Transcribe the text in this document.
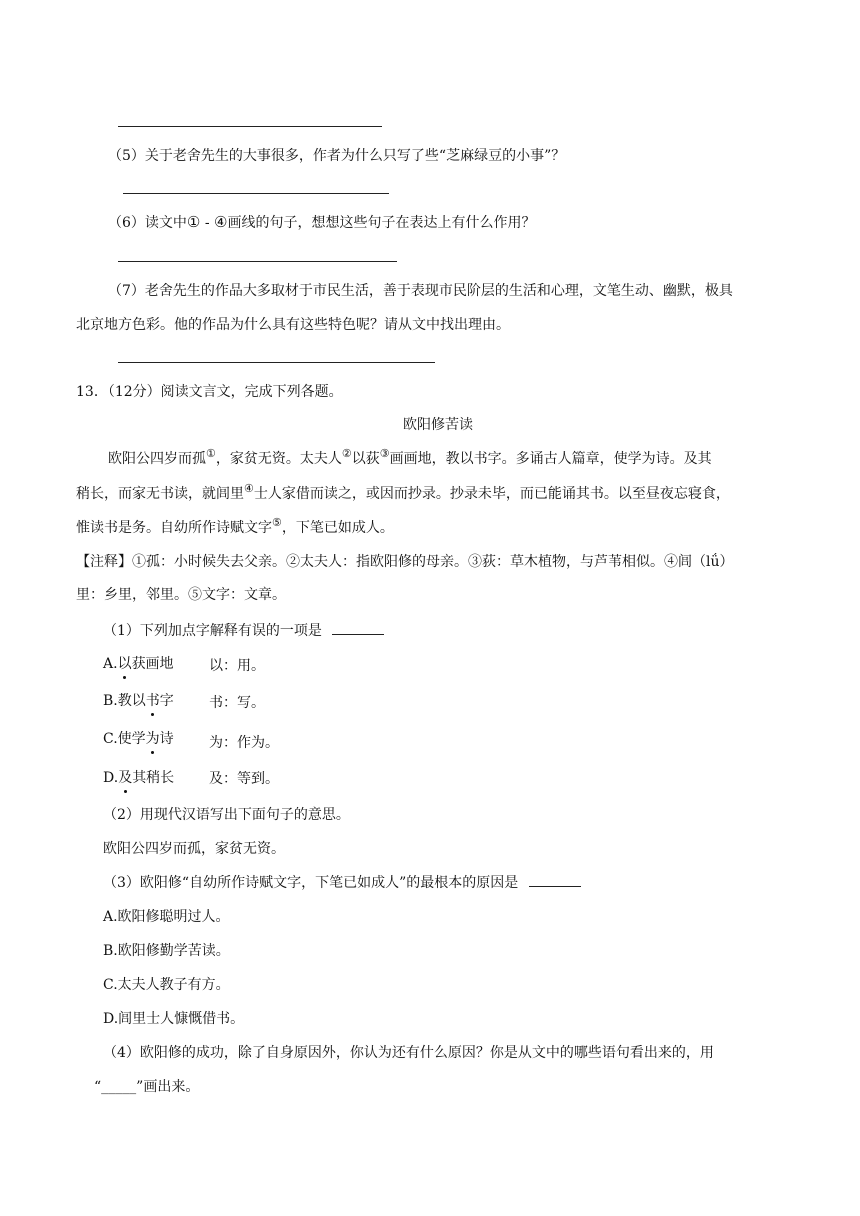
（5）关于老舍先生的大事很多，作者为什么只写了些“芝麻绿豆的小事”？
（6）读文中① - ④画线的句子，想想这些句子在表达上有什么作用？
（7）老舍先生的作品大多取材于市民生活，善于表现市民阶层的生活和心理，文笔生动、幽默，极具
北京地方色彩。他的作品为什么具有这些特色呢？请从文中找出理由。
13．（12分）阅读文言文，完成下列各题。
欧阳修苦读
欧阳公四岁而孤①，家贫无资。太夫人②以荻③画画地，教以书字。多诵古人篇章，使学为诗。及其
稍长，而家无书读，就闾里④士人家借而读之，或因而抄录。抄录未毕，而已能诵其书。以至昼夜忘寝食，
惟读书是务。自幼所作诗赋文字⑤，下笔已如成人。
【注释】①孤：小时候失去父亲。②太夫人：指欧阳修的母亲。③荻：草木植物，与芦苇相似。④闾（lǘ）
里：乡里，邻里。⑤文字：文章。
（1）下列加点字解释有误的一项是
A.以获画地	以：用。
B.教以书字	书：写。
C.使学为诗	为：作为。
D.及其稍长 及：等到。
（2）用现代汉语写出下面句子的意思。
欧阳公四岁而孤，家贫无资。
（3）欧阳修“自幼所作诗赋文字，下笔已如成人”的最根本的原因是
A.欧阳修聪明过人。
B.欧阳修勤学苦读。
C.太夫人教子有方。
D.闾里士人慷慨借书。
（4）欧阳修的成功，除了自身原因外，你认为还有什么原因？你是从文中的哪些语句看出来的，用
“_____”画出来。
